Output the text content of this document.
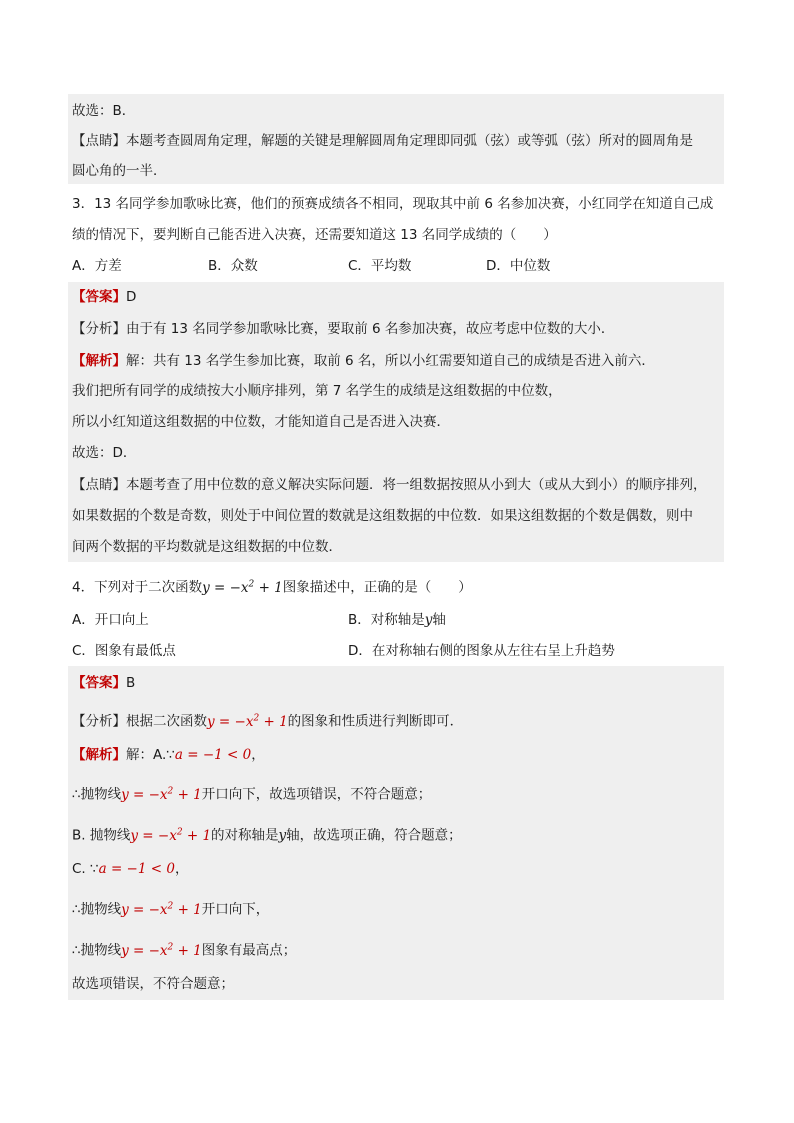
故选：B．
【点睛】本题考查圆周角定理，解题的关键是理解圆周角定理即同弧（弦）或等弧（弦）所对的圆周角是
圆心角的一半．
3．13 名同学参加歌咏比赛，他们的预赛成绩各不相同，现取其中前 6 名参加决赛，小红同学在知道自己成
绩的情况下，要判断自己能否进入决赛，还需要知道这 13 名同学成绩的（　　）
A．方差	B．众数	C．平均数	D．中位数
【答案】D
【分析】由于有 13 名同学参加歌咏比赛，要取前 6 名参加决赛，故应考虑中位数的大小．
【解析】解：共有 13 名学生参加比赛，取前 6 名，所以小红需要知道自己的成绩是否进入前六．
我们把所有同学的成绩按大小顺序排列，第 7 名学生的成绩是这组数据的中位数，
所以小红知道这组数据的中位数，才能知道自己是否进入决赛．
故选：D．
【点睛】本题考查了用中位数的意义解决实际问题．将一组数据按照从小到大（或从大到小）的顺序排列，
如果数据的个数是奇数，则处于中间位置的数就是这组数据的中位数．如果这组数据的个数是偶数，则中
间两个数据的平均数就是这组数据的中位数．
4．下列对于二次函数$y = -x^2 + 1$图象描述中，正确的是（　　）
A．开口向上	B．对称轴是y轴
C．图象有最低点	D．在对称轴右侧的图象从左往右呈上升趋势
【答案】B
【分析】根据二次函数$y = -x^2 + 1$的图象和性质进行判断即可．
【解析】解：A.∵a = −1 < 0，
∴抛物线$y = -x^2 + 1$开口向下，故选项错误，不符合题意；
B. 抛物线$y = -x^2 + 1$的对称轴是y轴，故选项正确，符合题意；
C. ∵a = −1 < 0，
∴抛物线$y = -x^2 + 1$开口向下，
∴抛物线$y = -x^2 + 1$图象有最高点；
故选项错误，不符合题意；
